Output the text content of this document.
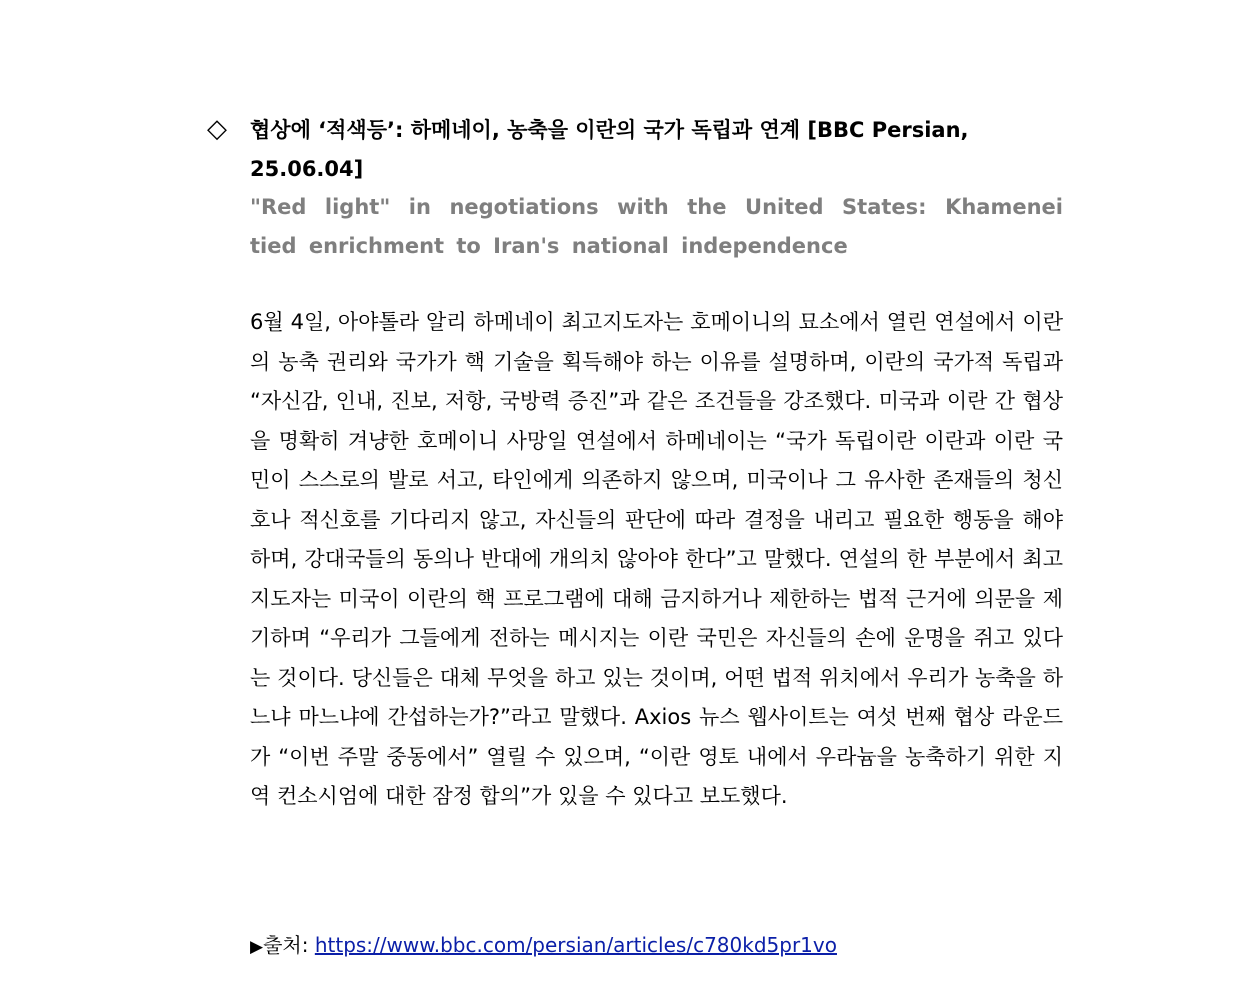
◇ 협상에 ‘적색등’: 하메네이, 농축을 이란의 국가 독립과 연계 [BBC Persian, 25.06.04]

"Red light" in negotiations with the United States: Khamenei tied enrichment to Iran's national independence

6월 4일, 아야톨라 알리 하메네이 최고지도자는 호메이니의 묘소에서 열린 연설에서 이란의 농축 권리와 국가가 핵 기술을 획득해야 하는 이유를 설명하며, 이란의 국가적 독립과 “자신감, 인내, 진보, 저항, 국방력 증진”과 같은 조건들을 강조했다. 미국과 이란 간 협상을 명확히 겨냥한 호메이니 사망일 연설에서 하메네이는 “국가 독립이란 이란과 이란 국민이 스스로의 발로 서고, 타인에게 의존하지 않으며, 미국이나 그 유사한 존재들의 청신호나 적신호를 기다리지 않고, 자신들의 판단에 따라 결정을 내리고 필요한 행동을 해야 하며, 강대국들의 동의나 반대에 개의치 않아야 한다”고 말했다. 연설의 한 부분에서 최고지도자는 미국이 이란의 핵 프로그램에 대해 금지하거나 제한하는 법적 근거에 의문을 제기하며 “우리가 그들에게 전하는 메시지는 이란 국민은 자신들의 손에 운명을 쥐고 있다는 것이다. 당신들은 대체 무엇을 하고 있는 것이며, 어떤 법적 위치에서 우리가 농축을 하느냐 마느냐에 간섭하는가?”라고 말했다. Axios 뉴스 웹사이트는 여섯 번째 협상 라운드가 “이번 주말 중동에서” 열릴 수 있으며, “이란 영토 내에서 우라늄을 농축하기 위한 지역 컨소시엄에 대한 잠정 합의”가 있을 수 있다고 보도했다.

▶출처: https://www.bbc.com/persian/articles/c780kd5pr1vo
